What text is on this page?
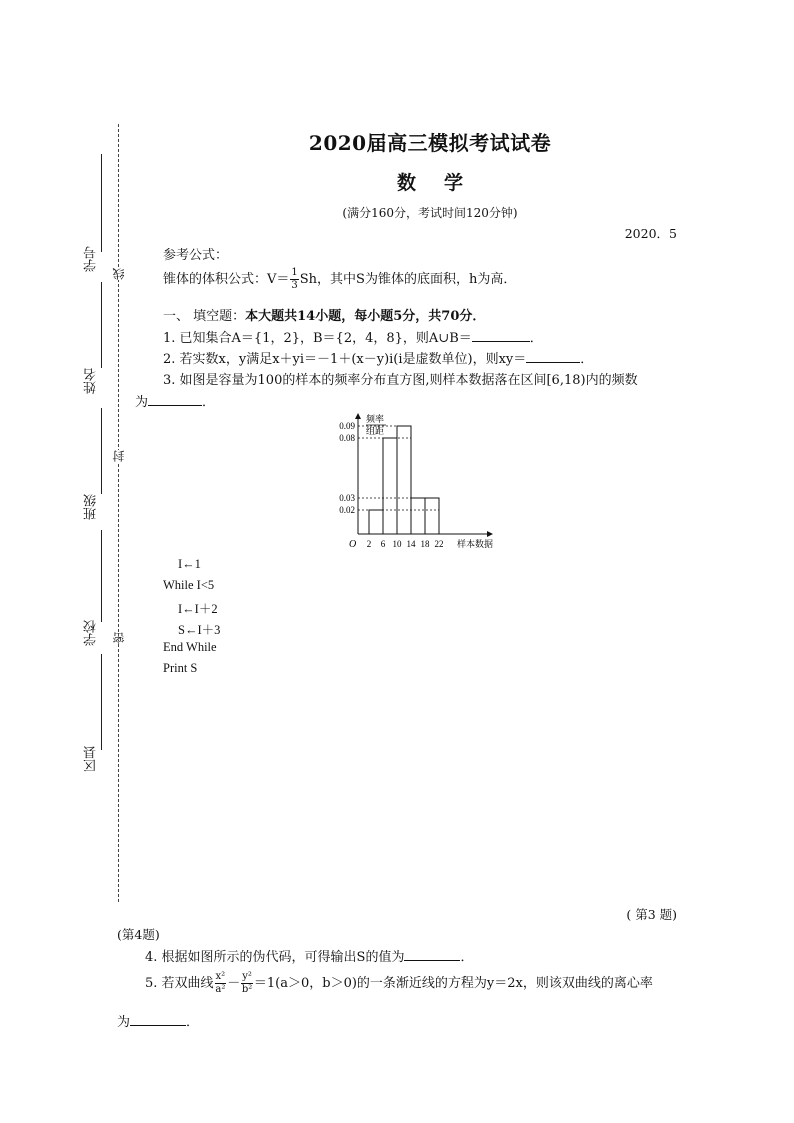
线
封
密
学号
姓名
班级
学校
区县
2020届高三模拟考试试卷
数学
(满分160分，考试时间120分钟)
2020．5
参考公式：
锥体的体积公式：$V= \frac{1}{3}$ Sh，其中S为锥体的底面积，h为高．
一、 填空题：本大题共14小题，每小题5分，共70分．
1. 已知集合A＝{1，2}，B＝{2，4，8}，则A∪B＝	．
2. 若实数x，y满足x＋yi＝－1＋(x－y)i(i是虚数单位)，则xy＝	．
3. 如图是容量为100的样本的频率分布直方图,则样本数据落在区间[6,18)内的频数
为	．
0.02
0.03
0.08
0.09
2 6 10 14 18 22
频率
组距
样本数据
O
I←1
While I<5
I←I＋2
S←I＋3
End While
Print S
( 第3 题)
(第4题)
4. 根据如图所示的伪代码，可得输出S的值为	．
5. 若双曲线 $\frac{\text{x²}}{\text{a²}} - \frac{\text{y²}}{\text{b²}} =1(a>0$，b＞0)的一条渐近线的方程为y＝2x，则该双曲线的离心率
为	．
